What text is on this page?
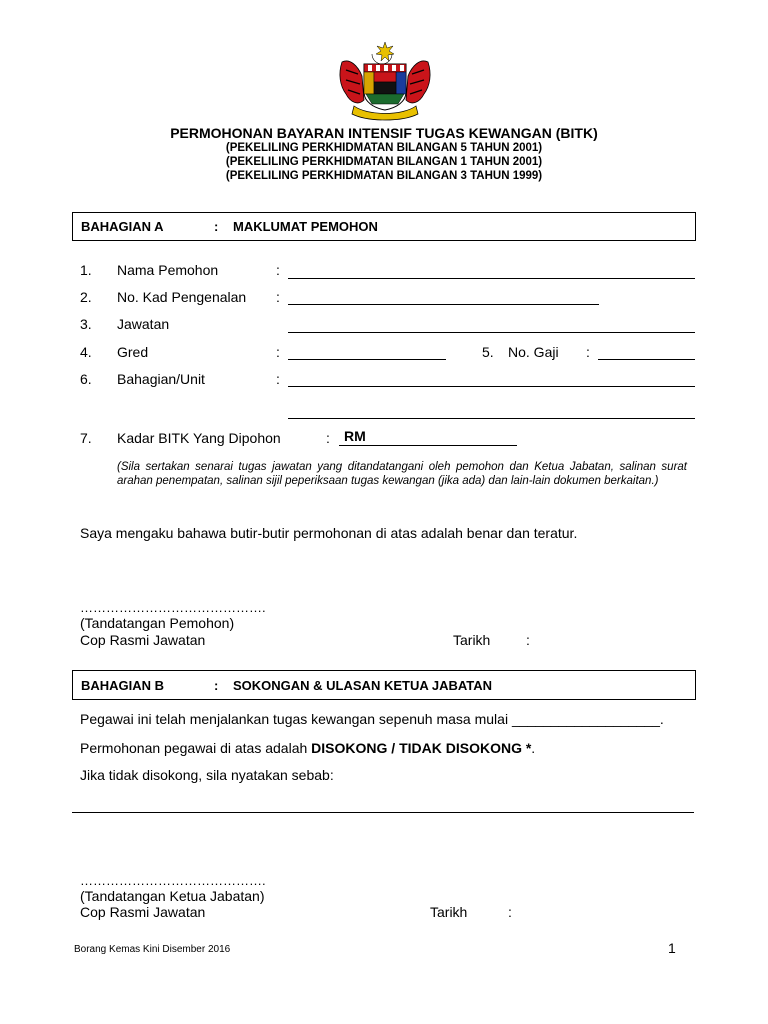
PERMOHONAN BAYARAN INTENSIF TUGAS KEWANGAN (BITK)
(PEKELILING PERKHIDMATAN BILANGAN 5 TAHUN 2001)
(PEKELILING PERKHIDMATAN BILANGAN 1 TAHUN 2001)
(PEKELILING PERKHIDMATAN BILANGAN 3 TAHUN 1999)
BAHAGIAN A	: MAKLUMAT PEMOHON
1. Nama Pemohon	:
2. No. Kad Pengenalan :
3. Jawatan
4. Gred	:	5. No. Gaji :
6. Bahagian/Unit	:
7. Kadar BITK Yang Dipohon	: RM
(Sila sertakan senarai tugas jawatan yang ditandatangani oleh pemohon dan Ketua Jabatan, salinan surat arahan penempatan, salinan sijil peperiksaan tugas kewangan (jika ada) dan lain-lain dokumen berkaitan.)
Saya mengaku bahawa butir-butir permohonan di atas adalah benar dan teratur.
…………………………………….
(Tandatangan Pemohon)
Cop Rasmi Jawatan	Tarikh	:
BAHAGIAN B	: SOKONGAN & ULASAN KETUA JABATAN
Pegawai ini telah menjalankan tugas kewangan sepenuh masa mulai ___________________.
Permohonan pegawai di atas adalah DISOKONG / TIDAK DISOKONG *.
Jika tidak disokong, sila nyatakan sebab:
…………………………………….
(Tandatangan Ketua Jabatan)
Cop Rasmi Jawatan	Tarikh	:
Borang Kemas Kini Disember 2016	1
